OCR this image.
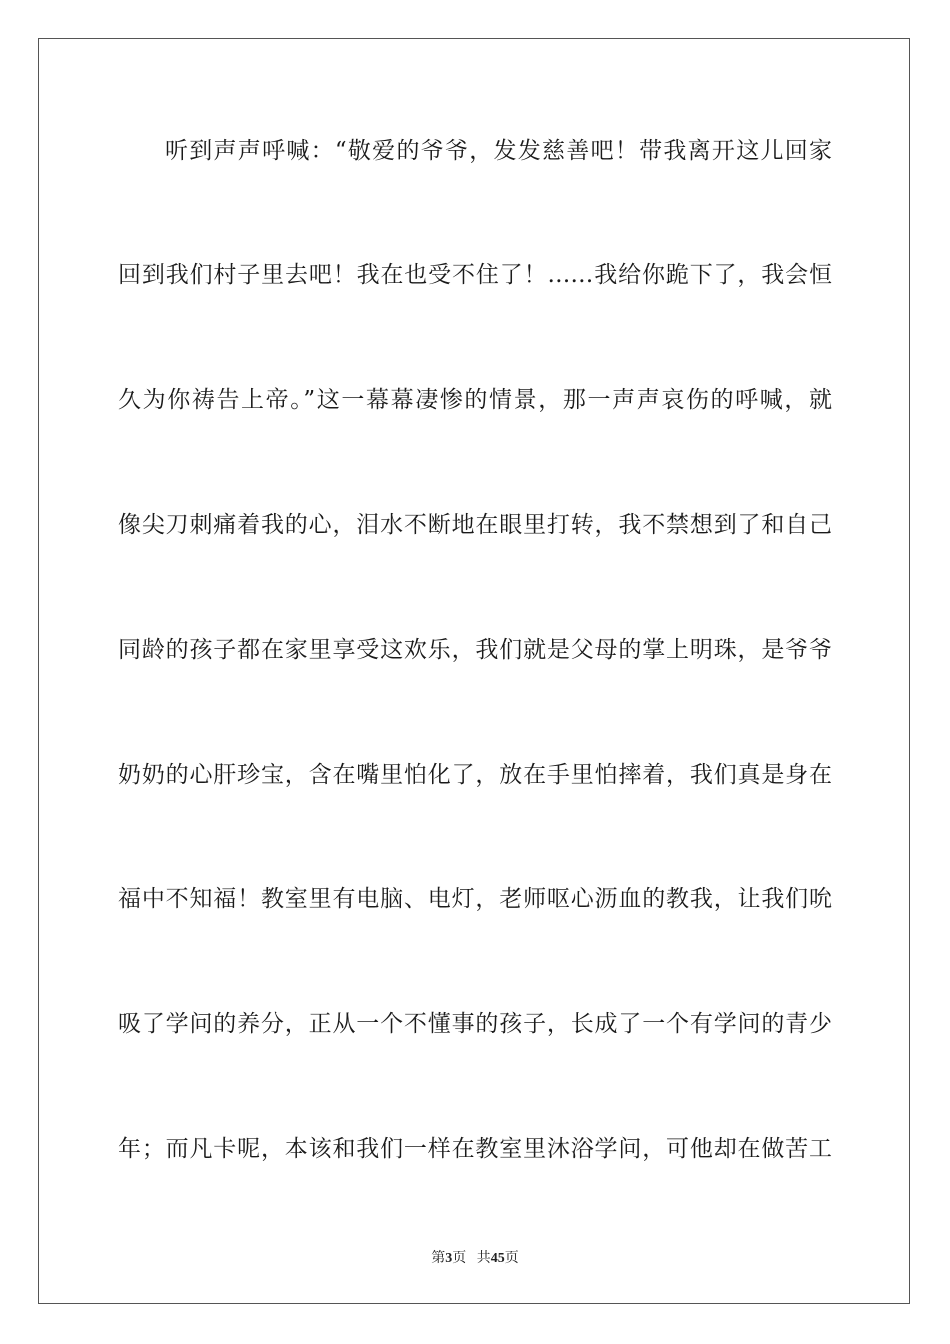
听到声声呼喊：“敬爱的爷爷，发发慈善吧！带我离开这儿回家
回到我们村子里去吧！我在也受不住了！……我给你跪下了，我会恒
久为你祷告上帝。”这一幕幕凄惨的情景，那一声声哀伤的呼喊，就
像尖刀刺痛着我的心，泪水不断地在眼里打转，我不禁想到了和自己
同龄的孩子都在家里享受这欢乐，我们就是父母的掌上明珠，是爷爷
奶奶的心肝珍宝，含在嘴里怕化了，放在手里怕摔着，我们真是身在
福中不知福！教室里有电脑、电灯，老师呕心沥血的教我，让我们吮
吸了学问的养分，正从一个不懂事的孩子，长成了一个有学问的青少
年；而凡卡呢，本该和我们一样在教室里沐浴学问，可他却在做苦工
第3页 共45页
